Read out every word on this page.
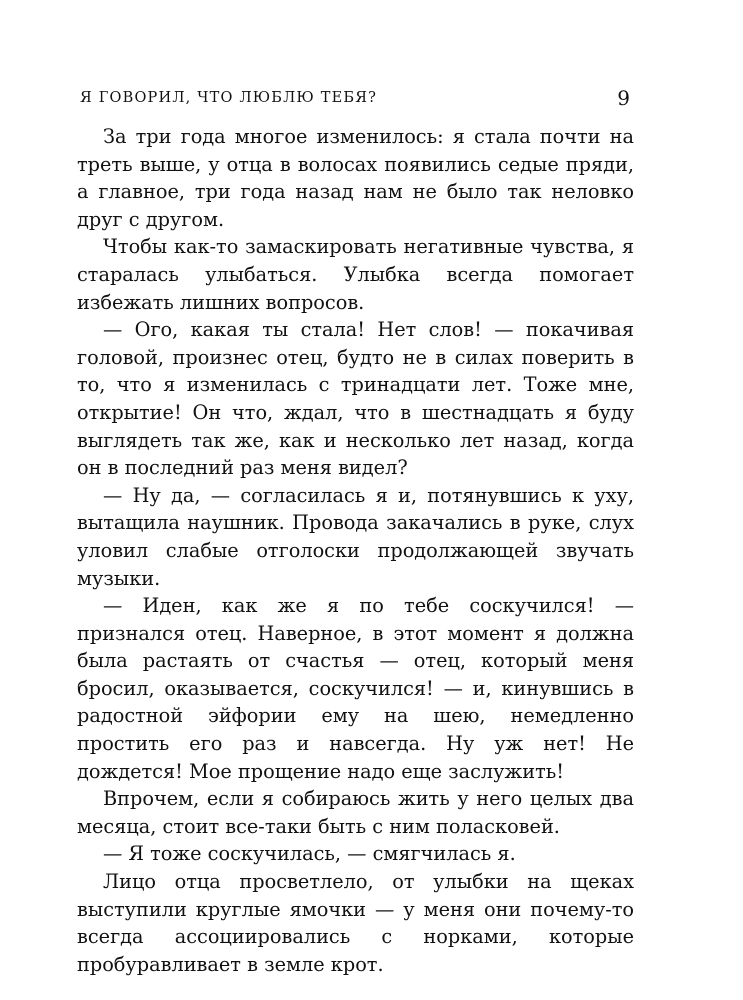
Я ГОВОРИЛ, ЧТО ЛЮБЛЮ ТЕБЯ?	9

За три года многое изменилось: я стала почти на треть выше, у отца в волосах появились седые пряди, а главное, три года назад нам не было так неловко друг с другом.

Чтобы как-то замаскировать негативные чувства, я старалась улыбаться. Улыбка всегда помогает избежать лишних вопросов.

— Ого, какая ты стала! Нет слов! — покачивая головой, произнес отец, будто не в силах поверить в то, что я изменилась с тринадцати лет. Тоже мне, открытие! Он что, ждал, что в шестнадцать я буду выглядеть так же, как и несколько лет назад, когда он в последний раз меня видел?

— Ну да, — согласилась я и, потянувшись к уху, вытащила наушник. Провода закачались в руке, слух уловил слабые отголоски продолжающей звучать музыки.

— Иден, как же я по тебе соскучился! — признался отец. Наверное, в этот момент я должна была растаять от счастья — отец, который меня бросил, оказывается, соскучился! — и, кинувшись в радостной эйфории ему на шею, немедленно простить его раз и навсегда. Ну уж нет! Не дождется! Мое прощение надо еще заслужить!

Впрочем, если я собираюсь жить у него целых два месяца, стоит все-таки быть с ним поласковей.

— Я тоже соскучилась, — смягчилась я.

Лицо отца просветлело, от улыбки на щеках выступили круглые ямочки — у меня они почему-то всегда ассоциировались с норками, которые пробуравливает в земле крот.
